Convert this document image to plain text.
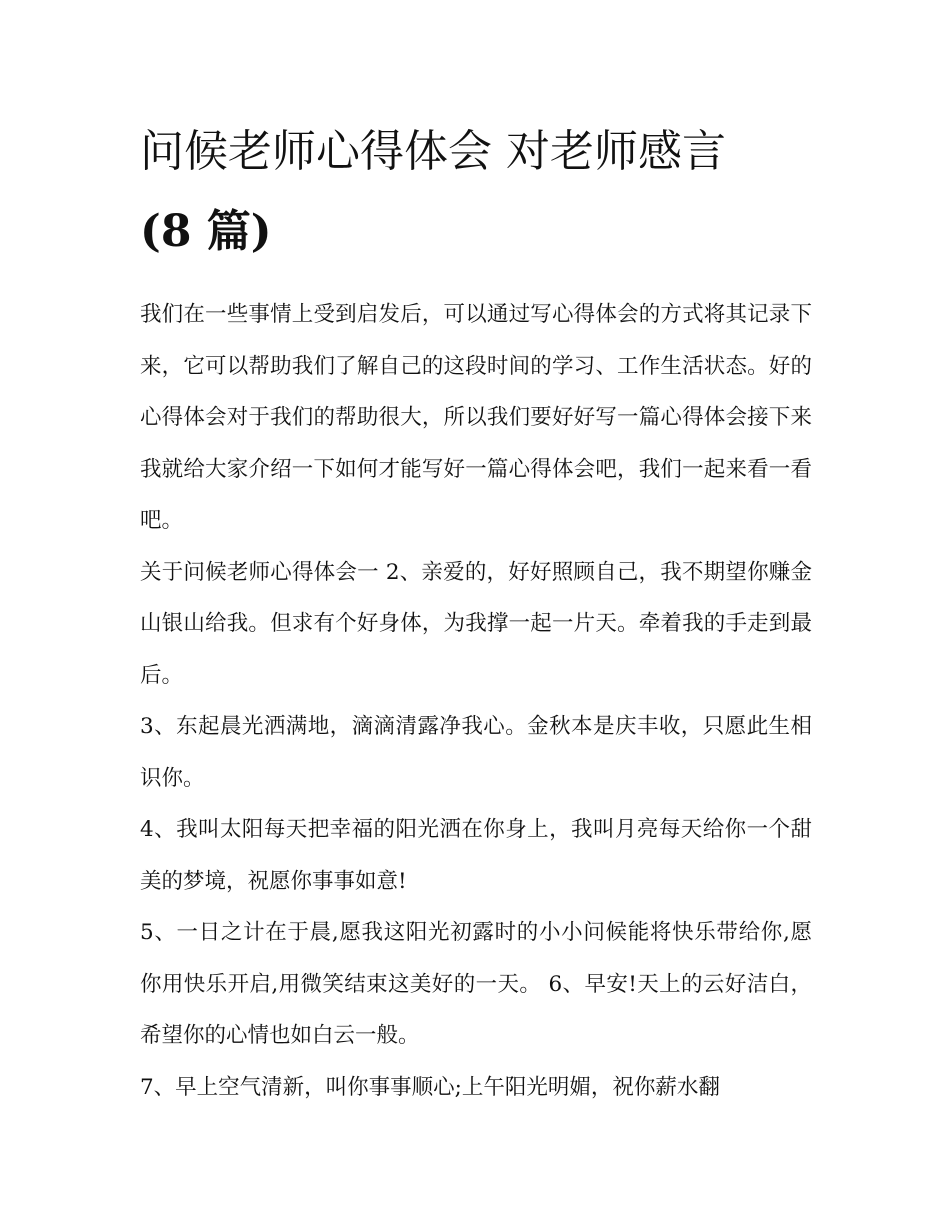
问候老师心得体会 对老师感言
(8 篇)

我们在一些事情上受到启发后，可以通过写心得体会的方式将其记录下来，它可以帮助我们了解自己的这段时间的学习、工作生活状态。好的心得体会对于我们的帮助很大，所以我们要好好写一篇心得体会接下来我就给大家介绍一下如何才能写好一篇心得体会吧，我们一起来看一看吧。

关于问候老师心得体会一 2、亲爱的，好好照顾自己，我不期望你赚金山银山给我。但求有个好身体，为我撑一起一片天。牵着我的手走到最后。

3、东起晨光洒满地，滴滴清露净我心。金秋本是庆丰收，只愿此生相识你。

4、我叫太阳每天把幸福的阳光洒在你身上，我叫月亮每天给你一个甜美的梦境，祝愿你事事如意!

5、一日之计在于晨,愿我这阳光初露时的小小问候能将快乐带给你,愿你用快乐开启,用微笑结束这美好的一天。 6、早安!天上的云好洁白，希望你的心情也如白云一般。

7、早上空气清新，叫你事事顺心;上午阳光明媚，祝你薪水翻
